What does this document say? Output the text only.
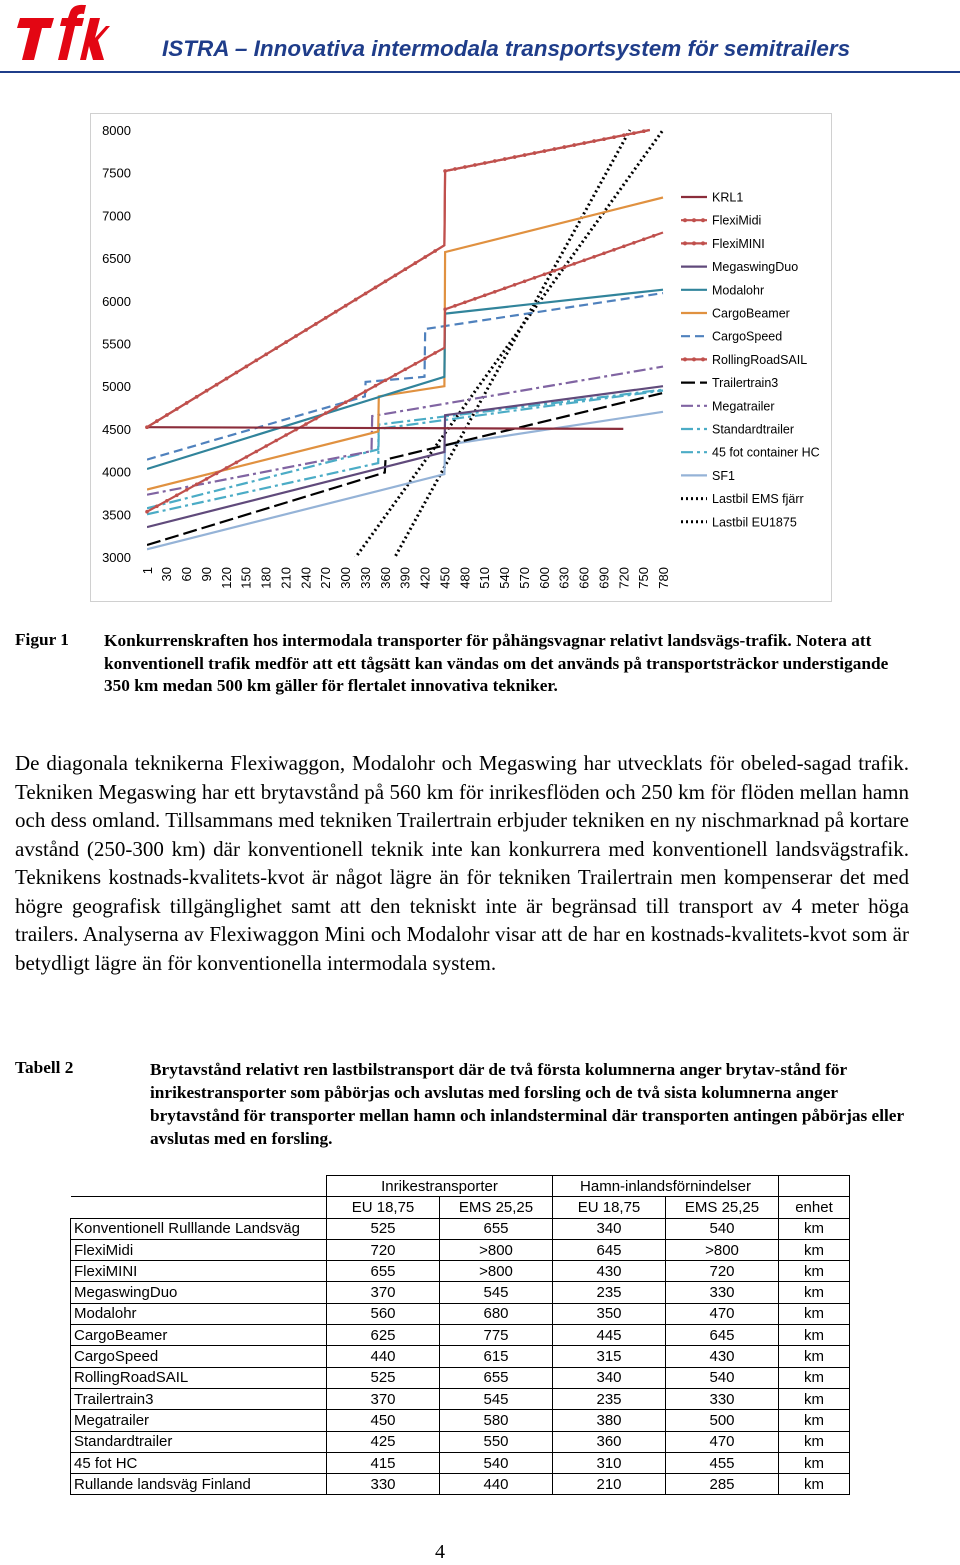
ISTRA – Innovativa intermodala transportsystem för semitrailers
3000
3500
4000
4500
5000
5500
6000
6500
7000
7500
8000
1 30 60 90 120 150 180 210 240 270 300 330 360 390 420 450 480 510 540 570 600 630 660 690 720 750 780
KRL1
FlexiMidi
FlexiMINI
MegaswingDuo
Modalohr
CargoBeamer
CargoSpeed
RollingRoadSAIL
Trailertrain3
Megatrailer
Standardtrailer
45 fot container HC
SF1
Lastbil EMS fjärr
Lastbil EU1875
Figur 1 Konkurrenskraften hos intermodala transporter för påhängsvagnar relativt landsvägs-trafik. Notera att konventionell trafik medför att ett tågsätt kan vändas om det används på transportsträckor understigande 350 km medan 500 km gäller för flertalet innovativa tekniker.
De diagonala teknikerna Flexiwaggon, Modalohr och Megaswing har utvecklats för obeled-sagad trafik. Tekniken Megaswing har ett brytavstånd på 560 km för inrikesflöden och 250 km för flöden mellan hamn och dess omland. Tillsammans med tekniken Trailertrain erbjuder tekniken en ny nischmarknad på kortare avstånd (250-300 km) där konventionell teknik inte kan konkurrera med konventionell landsvägstrafik. Teknikens kostnads-kvalitets-kvot är något lägre än för tekniken Trailertrain men kompenserar det med högre geografisk tillgänglighet samt att den tekniskt inte är begränsad till transport av 4 meter höga trailers. Analyserna av Flexiwaggon Mini och Modalohr visar att de har en kostnads-kvalitets-kvot som är betydligt lägre än för konventionella intermodala system.
Tabell 2	Brytavstånd relativt ren lastbilstransport där de två första kolumnerna anger brytav-stånd för inrikestransporter som påbörjas och avslutas med forsling och de två sista kolumnerna anger brytavstånd för transporter mellan hamn och inlandsterminal där transporten antingen påbörjas eller avslutas med en forsling.
	Inrikestransporter		Hamn-inlandsförnindelser		
	EU 18,75	EMS 25,25	EU 18,75	EMS 25,25	enhet
Konventionell Rulllande Landsväg	525	655	340	540	km
FlexiMidi	720	>800	645	>800	km
FlexiMINI	655	>800	430	720	km
MegaswingDuo	370	545	235	330	km
Modalohr	560	680	350	470	km
CargoBeamer	625	775	445	645	km
CargoSpeed	440	615	315	430	km
RollingRoadSAIL	525	655	340	540	km
Trailertrain3	370	545	235	330	km
Megatrailer	450	580	380	500	km
Standardtrailer	425	550	360	470	km
45 fot HC	415	540	310	455	km
Rullande landsväg Finland	330	440	210	285	km
4
